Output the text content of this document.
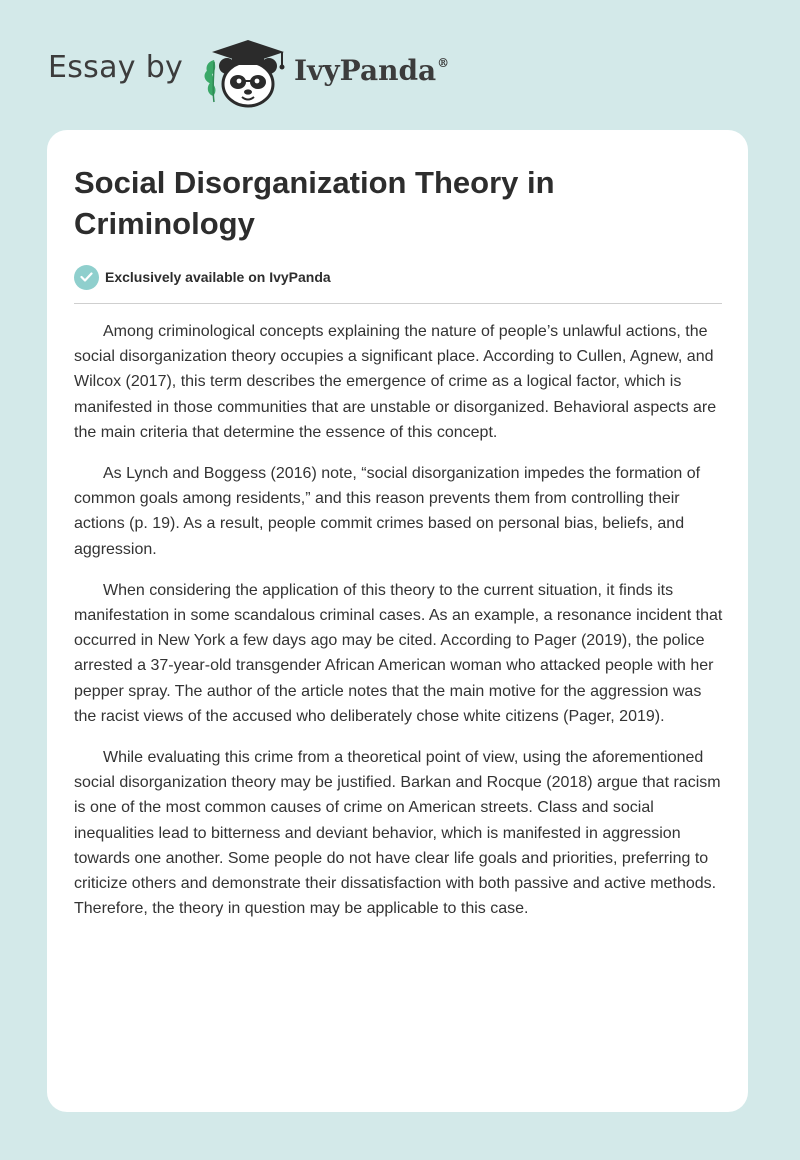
Essay by	IvyPanda®
Social Disorganization Theory in Criminology
Exclusively available on IvyPanda

Among criminological concepts explaining the nature of people’s unlawful actions, the social disorganization theory occupies a significant place. According to Cullen, Agnew, and Wilcox (2017), this term describes the emergence of crime as a logical factor, which is manifested in those communities that are unstable or disorganized. Behavioral aspects are the main criteria that determine the essence of this concept.

As Lynch and Boggess (2016) note, “social disorganization impedes the formation of common goals among residents,” and this reason prevents them from controlling their actions (p. 19). As a result, people commit crimes based on personal bias, beliefs, and aggression.

When considering the application of this theory to the current situation, it finds its manifestation in some scandalous criminal cases. As an example, a resonance incident that occurred in New York a few days ago may be cited. According to Pager (2019), the police arrested a 37-year-old transgender African American woman who attacked people with her pepper spray. The author of the article notes that the main motive for the aggression was the racist views of the accused who deliberately chose white citizens (Pager, 2019).

While evaluating this crime from a theoretical point of view, using the aforementioned social disorganization theory may be justified. Barkan and Rocque (2018) argue that racism is one of the most common causes of crime on American streets. Class and social inequalities lead to bitterness and deviant behavior, which is manifested in aggression towards one another. Some people do not have clear life goals and priorities, preferring to criticize others and demonstrate their dissatisfaction with both passive and active methods. Therefore, the theory in question may be applicable to this case.
